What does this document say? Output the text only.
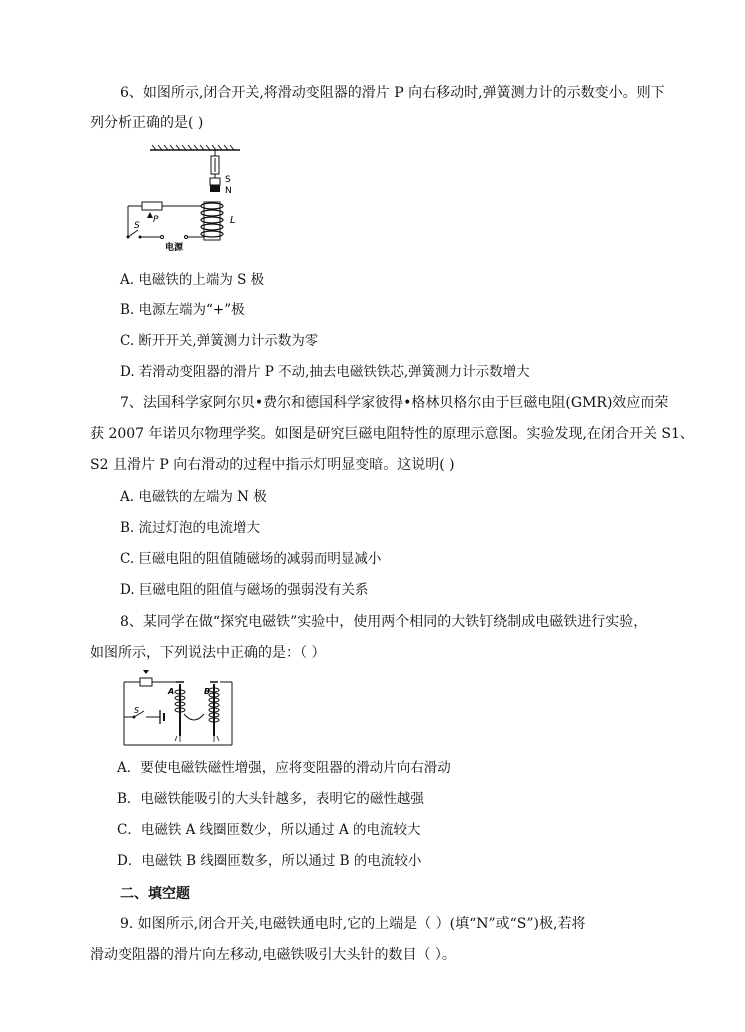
6、如图所示,闭合开关,将滑动变阻器的滑片 P 向右移动时,弹簧测力计的示数变小。则下
列分析正确的是( )
S
N
L
P
S
电源
A. 电磁铁的上端为 S 极
B. 电源左端为“+”极
C. 断开开关,弹簧测力计示数为零
D. 若滑动变阻器的滑片 P 不动,抽去电磁铁铁芯,弹簧测力计示数增大
7、法国科学家阿尔贝•费尔和德国科学家彼得•格林贝格尔由于巨磁电阻(GMR)效应而荣
获 2007 年诺贝尔物理学奖。如图是研究巨磁电阻特性的原理示意图。实验发现,在闭合开关 S1、
S2 且滑片 P 向右滑动的过程中指示灯明显变暗。这说明( )
A. 电磁铁的左端为 N 极
B. 流过灯泡的电流增大
C. 巨磁电阻的阻值随磁场的减弱而明显减小
D. 巨磁电阻的阻值与磁场的强弱没有关系
8、某同学在做“探究电磁铁”实验中，使用两个相同的大铁钉绕制成电磁铁进行实验，
如图所示，下列说法中正确的是：（ ）
S
A	B
A．要使电磁铁磁性增强，应将变阻器的滑动片向右滑动
B．电磁铁能吸引的大头针越多，表明它的磁性越强
C．电磁铁 A 线圈匝数少，所以通过 A 的电流较大
D．电磁铁 B 线圈匝数多，所以通过 B 的电流较小
二、填空题
9. 如图所示,闭合开关,电磁铁通电时,它的上端是（ ）(填“N”或“S”)极,若将
滑动变阻器的滑片向左移动,电磁铁吸引大头针的数目（ ）。
